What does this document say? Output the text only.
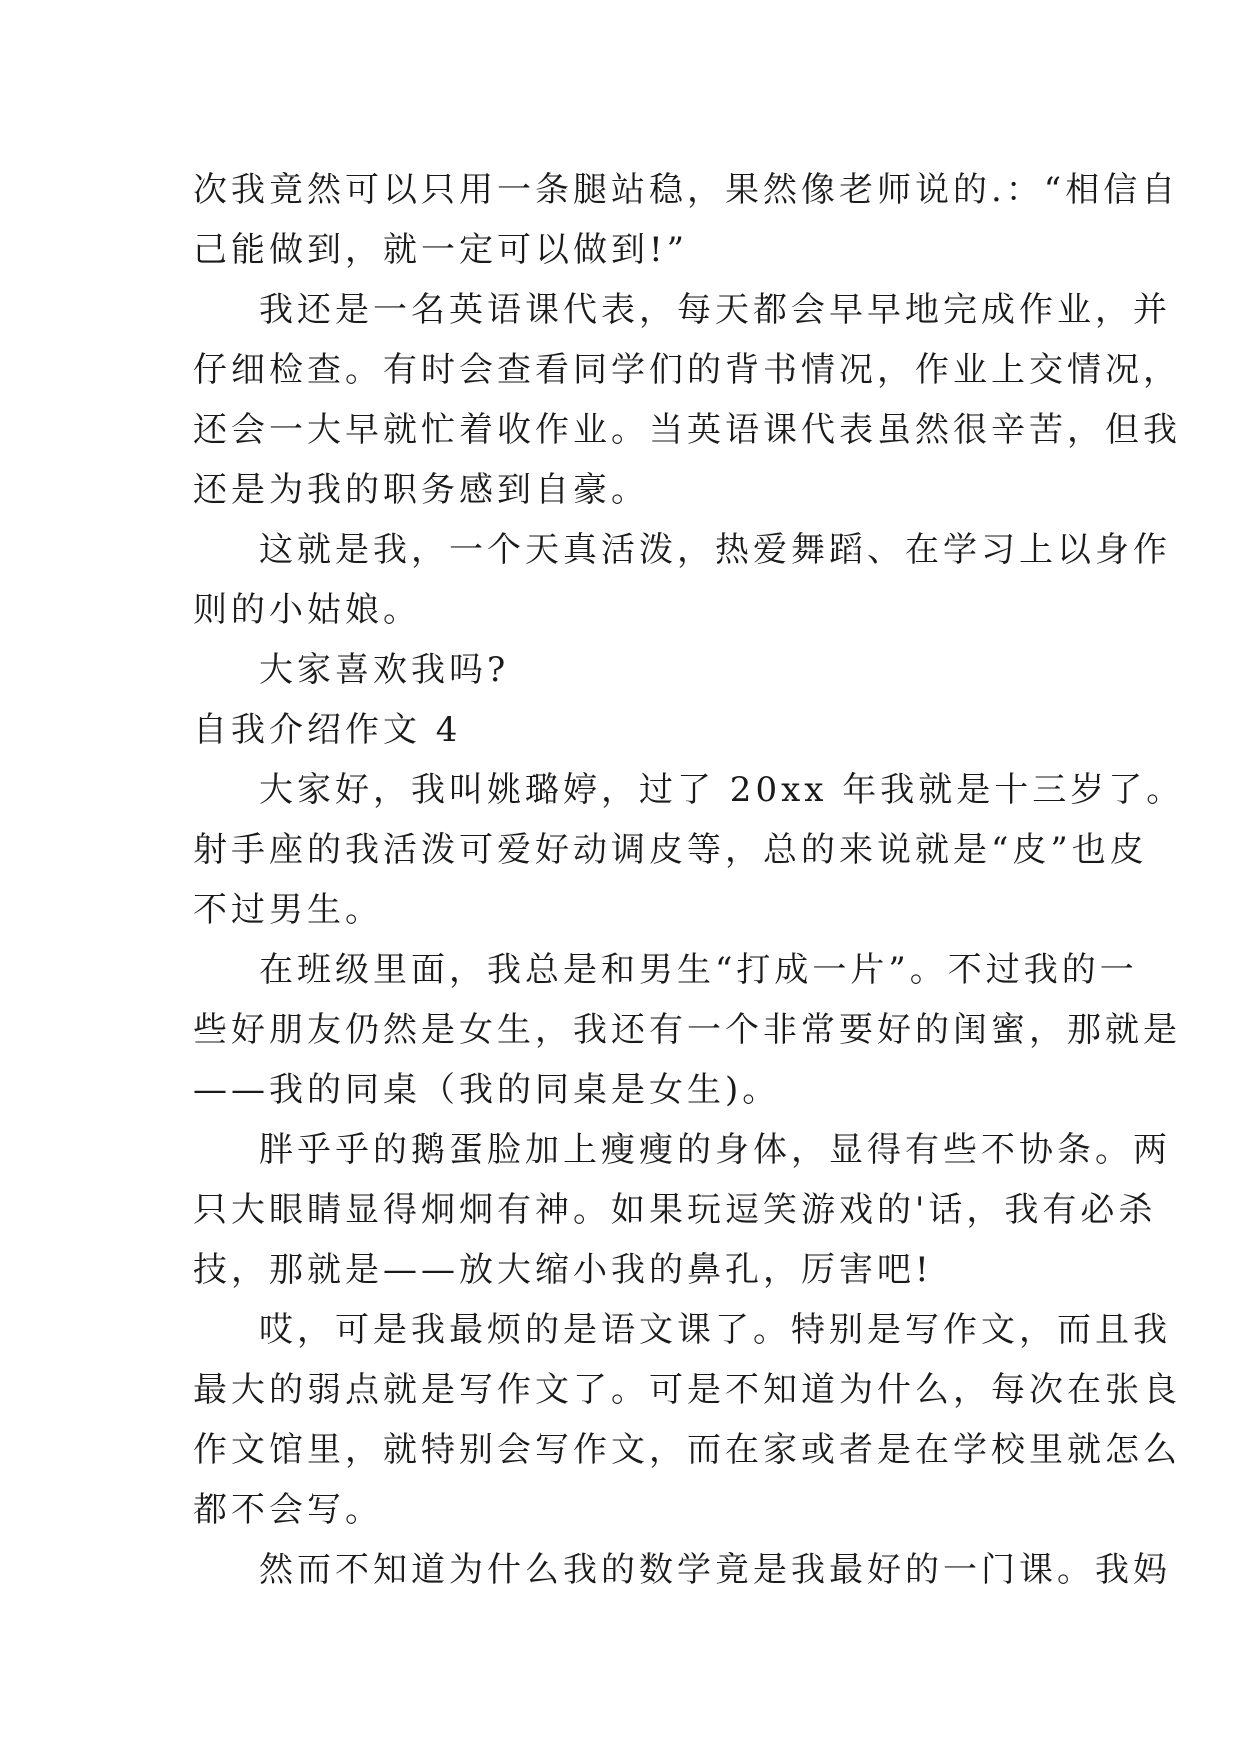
次我竟然可以只用一条腿站稳，果然像老师说的.：“相信自
己能做到，就一定可以做到!”
我还是一名英语课代表，每天都会早早地完成作业，并
仔细检查。有时会查看同学们的背书情况，作业上交情况，
还会一大早就忙着收作业。当英语课代表虽然很辛苦，但我
还是为我的职务感到自豪。
这就是我，一个天真活泼，热爱舞蹈、在学习上以身作
则的小姑娘。
大家喜欢我吗?
自我介绍作文 4
大家好，我叫姚璐婷，过了 20xx 年我就是十三岁了。
射手座的我活泼可爱好动调皮等，总的来说就是“皮”也皮
不过男生。
在班级里面，我总是和男生“打成一片”。不过我的一
些好朋友仍然是女生，我还有一个非常要好的闺蜜，那就是
——我的同桌（我的同桌是女生)。
胖乎乎的鹅蛋脸加上瘦瘦的身体，显得有些不协条。两
只大眼睛显得炯炯有神。如果玩逗笑游戏的'话，我有必杀
技，那就是——放大缩小我的鼻孔，厉害吧!
哎，可是我最烦的是语文课了。特别是写作文，而且我
最大的弱点就是写作文了。可是不知道为什么，每次在张良
作文馆里，就特别会写作文，而在家或者是在学校里就怎么
都不会写。
然而不知道为什么我的数学竟是我最好的一门课。我妈
